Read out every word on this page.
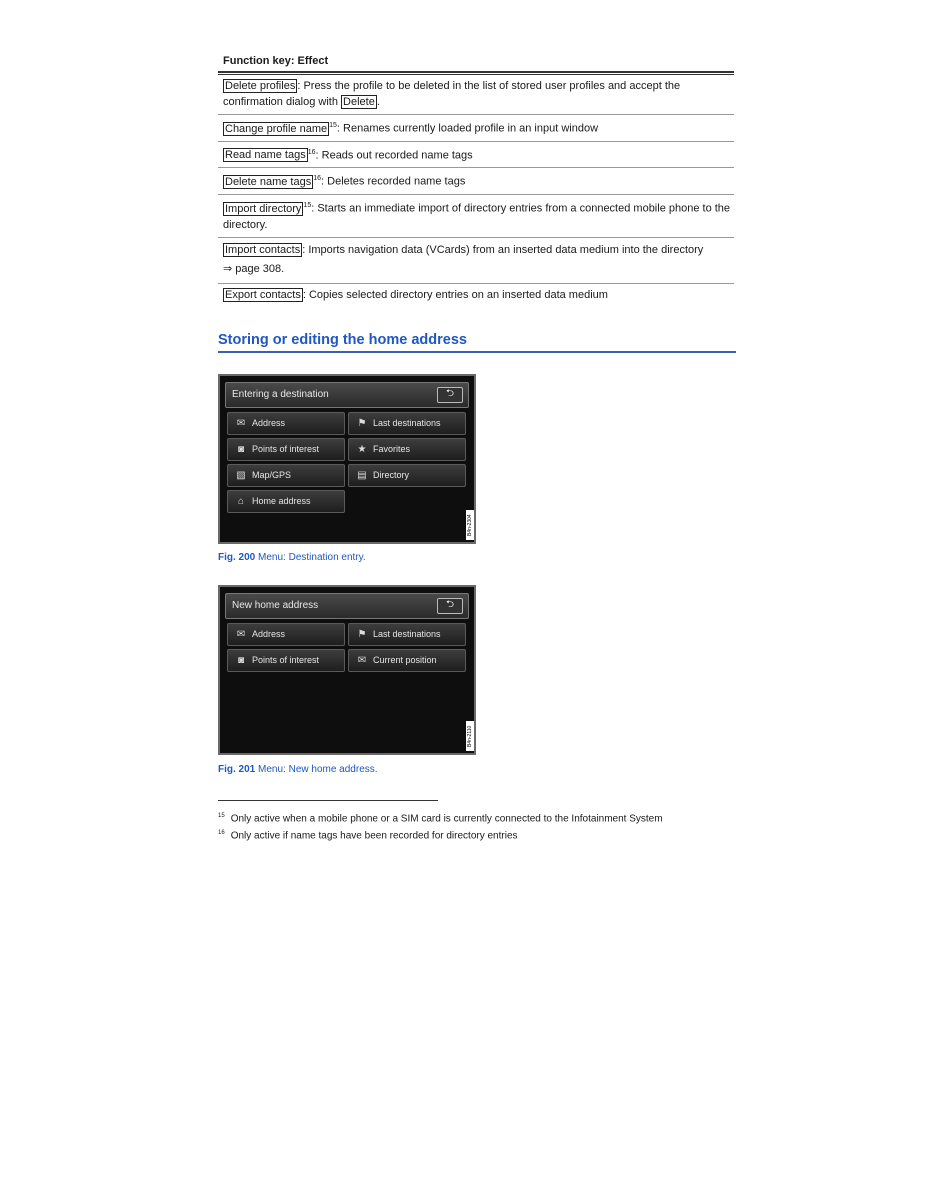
Function key: Effect
Delete profiles : Press the profile to be deleted in the list of stored user profiles and accept the confirmation dialog with Delete .
Change profile name $^{15}$: Renames currently loaded profile in an input window
Read name tags $^{16}$: Reads out recorded name tags
Delete name tags $^{16}$: Deletes recorded name tags
Import directory $^{15}$: Starts an immediate import of directory entries from a connected mobile phone to the directory.
Import contacts : Imports navigation data (VCards) from an inserted data medium into the directory
⇒ page 308.
Export contacts : Copies selected directory entries on an inserted data medium
Storing or editing the home address
Entering a destination	⮌
✉ Address	⚑ Last destinations
◙ Points of interest	★ Favorites
▧ Map/GPS	▤ Directory
⌂ Home address
B4n-2304
Fig. 200 Menu: Destination entry.
New home address	⮌
✉ Address	⚑ Last destinations
◙ Points of interest	✉ Current position
B4n-2110
Fig. 201 Menu: New home address.
$^{15}$ Only active when a mobile phone or a SIM card is currently connected to the Infotainment System
$^{16}$ Only active if name tags have been recorded for directory entries
